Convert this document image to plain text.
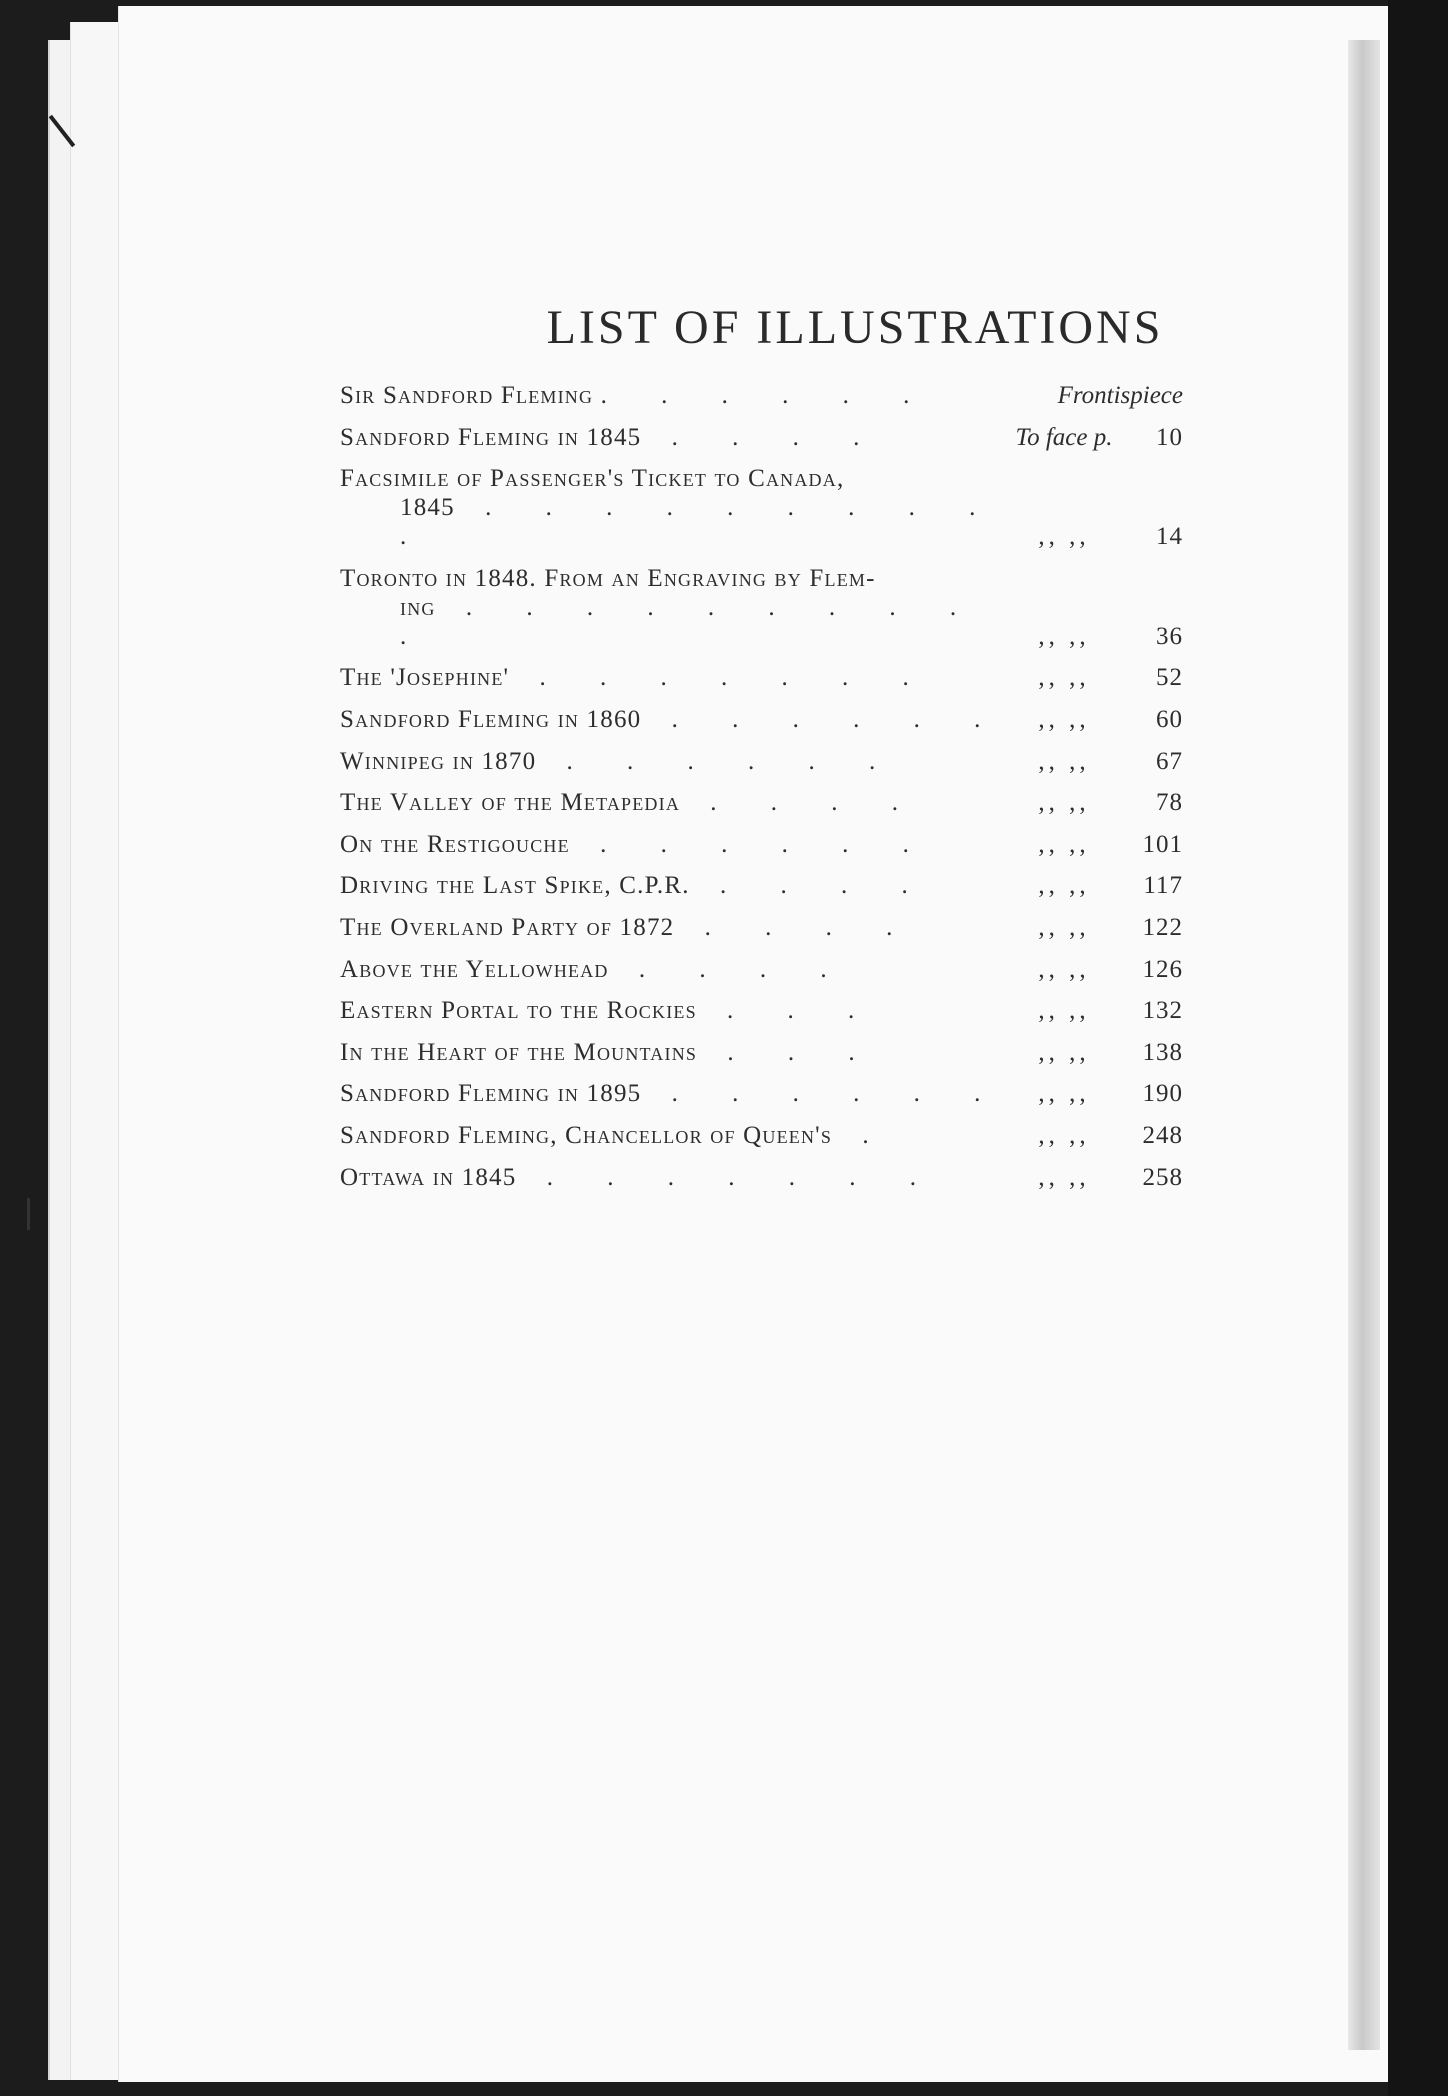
LIST OF ILLUSTRATIONS
Sir Sandford Fleming . . . . . .	Frontispiece
Sandford Fleming in 1845 . . . .	To face p.	10
Facsimile of Passenger's Ticket to Canada,
1845 . . . . . . . . . .	,, ,,	14
Toronto in 1848. From an Engraving by Flem-
ing . . . . . . . . . .	,, ,,	36
The 'Josephine' . . . . . . .	,, ,,	52
Sandford Fleming in 1860 . . . . . .	,, ,,	60
Winnipeg in 1870 . . . . . .	,, ,,	67
The Valley of the Metapedia . . . .	,, ,,	78
On the Restigouche . . . . . .	,, ,,	101
Driving the Last Spike, C.P.R. . . . .	,, ,,	117
The Overland Party of 1872 . . . .	,, ,,	122
Above the Yellowhead . . . .	,, ,,	126
Eastern Portal to the Rockies . . .	,, ,,	132
In the Heart of the Mountains . . .	,, ,,	138
Sandford Fleming in 1895 . . . . . .	,, ,,	190
Sandford Fleming, Chancellor of Queen's .	,, ,,	248
Ottawa in 1845 . . . . . . .	,, ,,	258
